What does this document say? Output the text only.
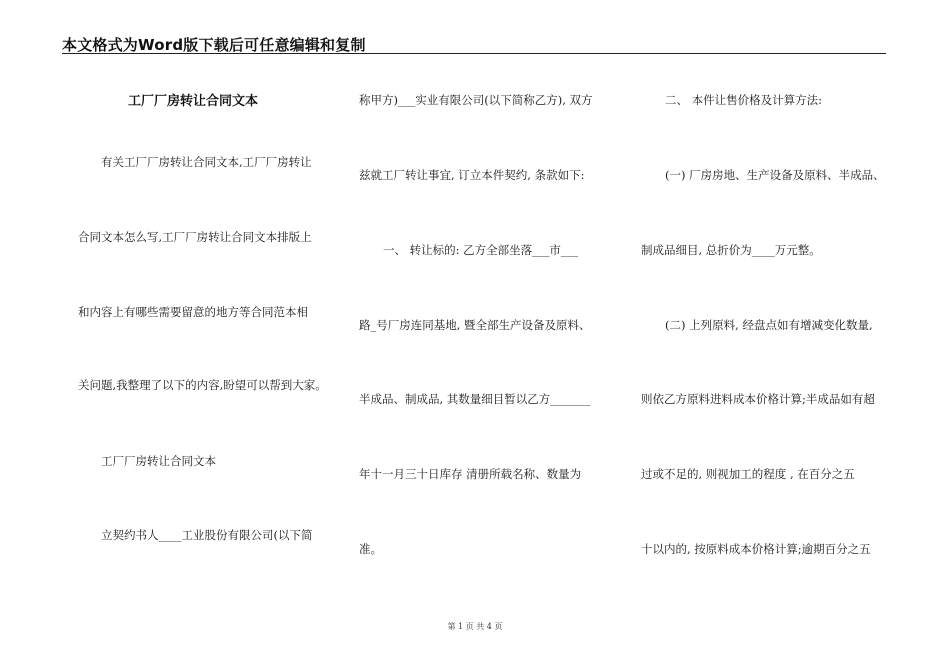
本文格式为Word版下载后可任意编辑和复制
工厂厂房转让合同文本
有关工厂厂房转让合同文本,工厂厂房转让
合同文本怎么写,工厂厂房转让合同文本排版上
和内容上有哪些需要留意的地方等合同范本相
关问题,我整理了以下的内容,盼望可以帮到大家。
工厂厂房转让合同文本
立契约书人____工业股份有限公司(以下简
称甲方)___实业有限公司(以下简称乙方), 双方
兹就工厂转让事宜, 订立本件契约, 条款如下:
一、 转让标的: 乙方全部坐落___市___
路_号厂房连同基地, 暨全部生产设备及原料、
半成品、制成品, 其数量细目暂以乙方_______
年十一月三十日库存 清册所载名称、数量为
准。
二、 本件让售价格及计算方法:
(一) 厂房房地、生产设备及原料、半成品、
制成品细目, 总折价为____万元整。
(二) 上列原料, 经盘点如有增减变化数量,
则依乙方原料进料成本价格计算;半成品如有超
过或不足的, 则视加工的程度 , 在百分之五
十以内的, 按原料成本价格计算;逾期百分之五
第 1 页 共 4 页
